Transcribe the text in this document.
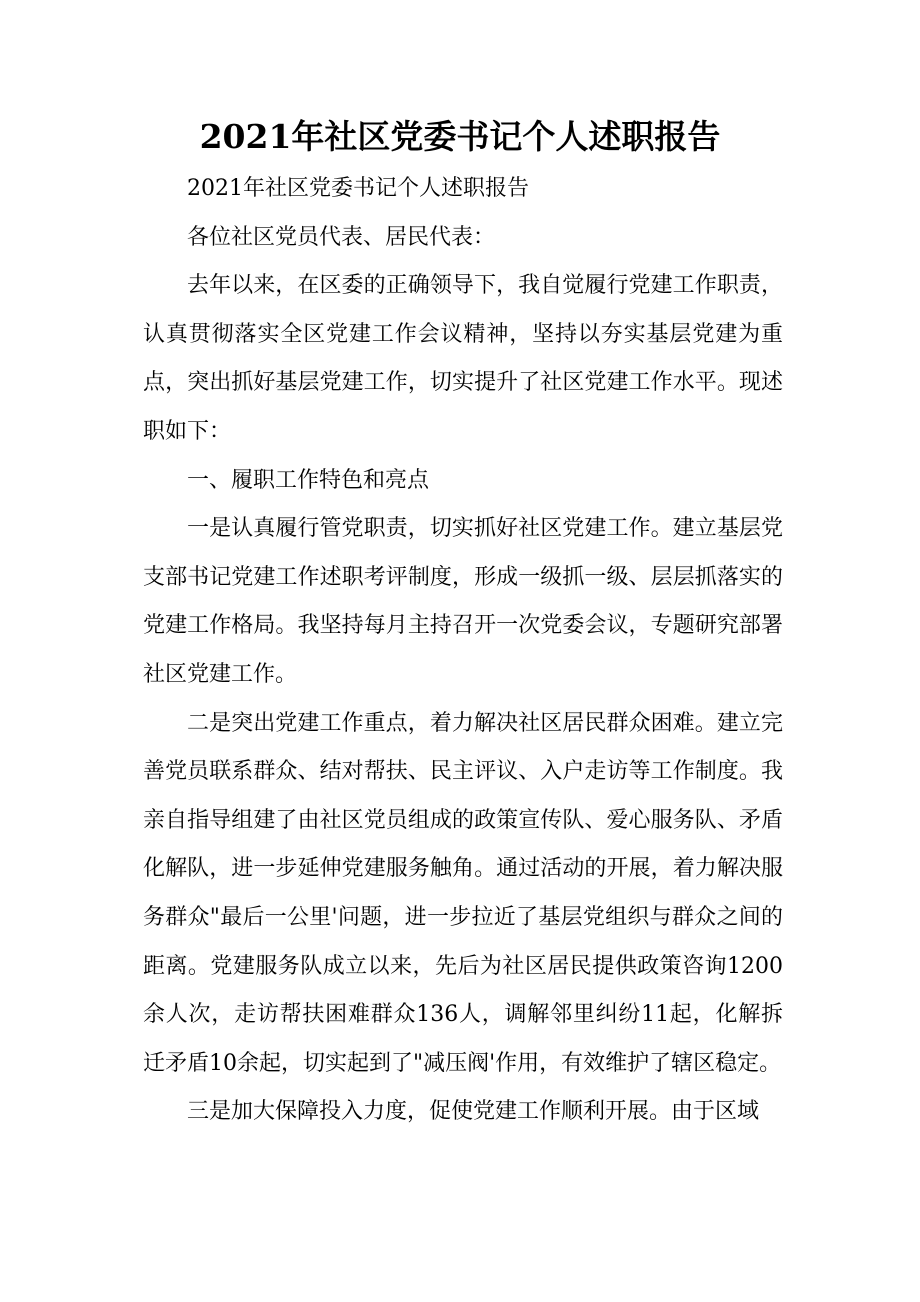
2021年社区党委书记个人述职报告

2021年社区党委书记个人述职报告

各位社区党员代表、居民代表：

去年以来，在区委的正确领导下，我自觉履行党建工作职责，认真贯彻落实全区党建工作会议精神，坚持以夯实基层党建为重点，突出抓好基层党建工作，切实提升了社区党建工作水平。现述职如下：

一、履职工作特色和亮点

一是认真履行管党职责，切实抓好社区党建工作。建立基层党支部书记党建工作述职考评制度，形成一级抓一级、层层抓落实的党建工作格局。我坚持每月主持召开一次党委会议，专题研究部署社区党建工作。

二是突出党建工作重点，着力解决社区居民群众困难。建立完善党员联系群众、结对帮扶、民主评议、入户走访等工作制度。我亲自指导组建了由社区党员组成的政策宣传队、爱心服务队、矛盾化解队，进一步延伸党建服务触角。通过活动的开展，着力解决服务群众"最后一公里'问题，进一步拉近了基层党组织与群众之间的距离。党建服务队成立以来，先后为社区居民提供政策咨询1200余人次，走访帮扶困难群众136人，调解邻里纠纷11起，化解拆迁矛盾10余起，切实起到了"减压阀'作用，有效维护了辖区稳定。

三是加大保障投入力度，促使党建工作顺利开展。由于区域
